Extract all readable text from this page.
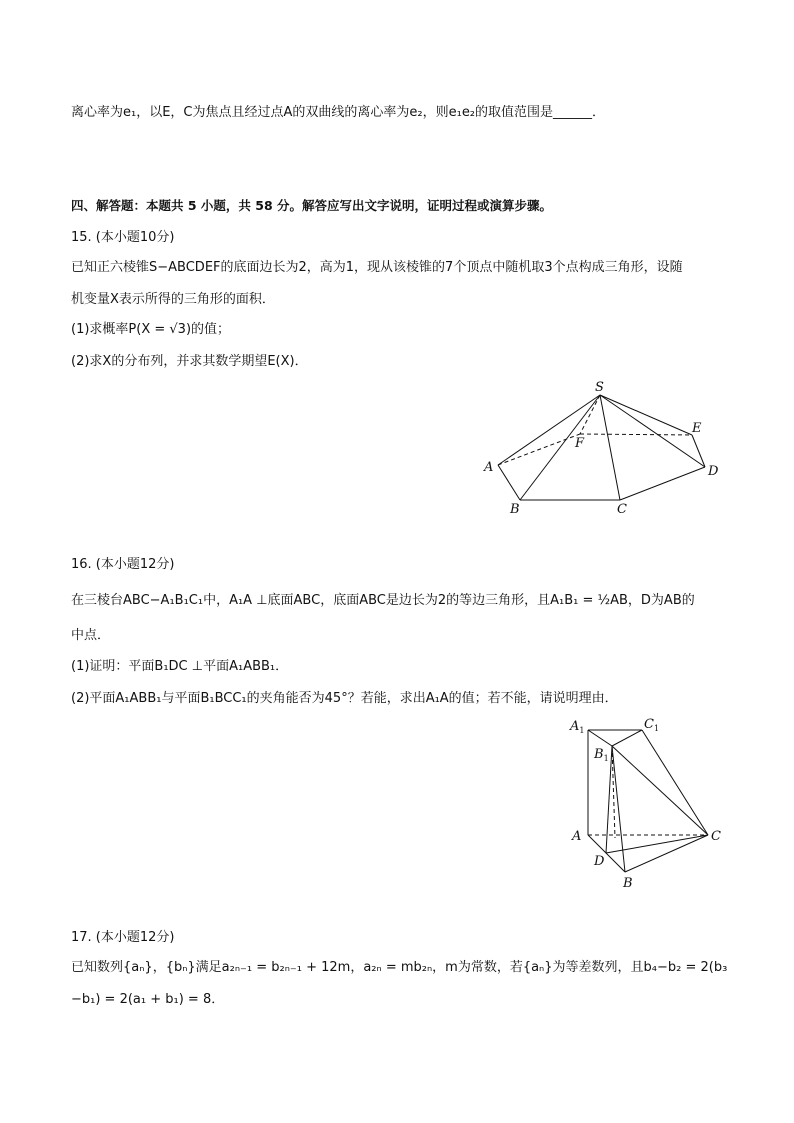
离心率为e₁，以E，C为焦点且经过点A的双曲线的离心率为e₂，则e₁e₂的取值范围是______．
四、解答题：本题共 5 小题，共 58 分。解答应写出文字说明，证明过程或演算步骤。
15. (本小题10分)
已知正六棱锥S−ABCDEF的底面边长为2，高为1，现从该棱锥的7个顶点中随机取3个点构成三角形，设随
机变量X表示所得的三角形的面积．
(1)求概率P(X = √3)的值；
(2)求X的分布列，并求其数学期望E(X)．
S
E
F
A	D
B	C
16. (本小题12分)
在三棱台ABC−A₁B₁C₁中，A₁A ⊥底面ABC，底面ABC是边长为2的等边三角形，且A₁B₁ = ½AB，D为AB的
中点．
(1)证明：平面B₁DC ⊥平面A₁ABB₁．
(2)平面A₁ABB₁与平面B₁BCC₁的夹角能否为45°？若能，求出A₁A的值；若不能，请说明理由．
$A_1$	$C_1$
$B_1$
A	C
D
B
17. (本小题12分)
已知数列{aₙ}，{bₙ}满足a₂ₙ₋₁ = b₂ₙ₋₁ + 12m，a₂ₙ = mb₂ₙ，m为常数，若{aₙ}为等差数列，且b₄−b₂ = 2(b₃
−b₁) = 2(a₁ + b₁) = 8．
